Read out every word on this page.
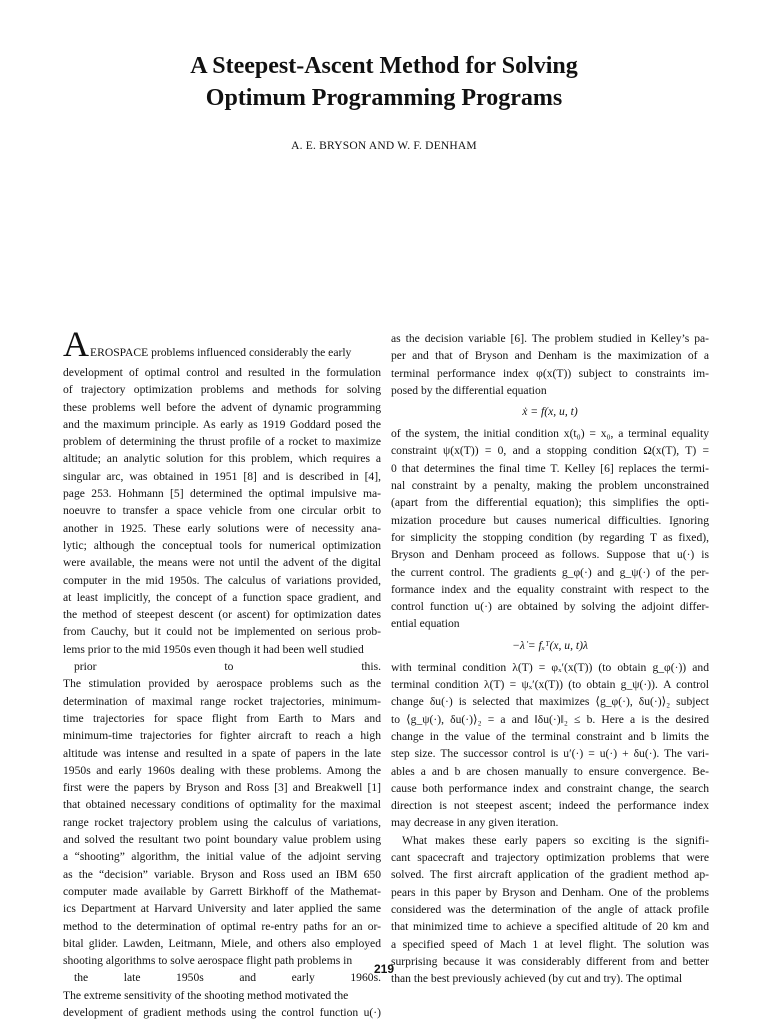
A Steepest-Ascent Method for Solving
Optimum Programming Programs
A. E. BRYSON AND W. F. DENHAM
A EROSPACE problems influenced considerably the early
development of optimal control and resulted in the formulation
of trajectory optimization problems and methods for solving
these problems well before the advent of dynamic programming
and the maximum principle. As early as 1919 Goddard posed the
problem of determining the thrust profile of a rocket to maximize
altitude; an analytic solution for this problem, which requires a
singular arc, was obtained in 1951 [8] and is described in [4],
page 253. Hohmann [5] determined the optimal impulsive ma-
noeuvre to transfer a space vehicle from one circular orbit to
another in 1925. These early solutions were of necessity ana-
lytic; although the conceptual tools for numerical optimization
were available, the means were not until the advent of the digital
computer in the mid 1950s. The calculus of variations provided,
at least implicitly, the concept of a function space gradient, and
the method of steepest descent (or ascent) for optimization dates
from Cauchy, but it could not be implemented on serious prob-
lems prior to the mid 1950s even though it had been well studied
prior to this.
The stimulation provided by aerospace problems such as the
determination of maximal range rocket trajectories, minimum-
time trajectories for space flight from Earth to Mars and
minimum-time trajectories for fighter aircraft to reach a high
altitude was intense and resulted in a spate of papers in the late
1950s and early 1960s dealing with these problems. Among the
first were the papers by Bryson and Ross [3] and Breakwell [1]
that obtained necessary conditions of optimality for the maximal
range rocket trajectory problem using the calculus of variations,
and solved the resultant two point boundary value problem using
a “shooting” algorithm, the initial value of the adjoint serving
as the “decision” variable. Bryson and Ross used an IBM 650
computer made available by Garrett Birkhoff of the Mathemat-
ics Department at Harvard University and later applied the same
method to the determination of optimal re-entry paths for an or-
bital glider. Lawden, Leitmann, Miele, and others also employed
shooting algorithms to solve aerospace flight path problems in
the late 1950s and early 1960s.
The extreme sensitivity of the shooting method motivated the
development of gradient methods using the control function u(·)
as the decision variable [6]. The problem studied in Kelley’s pa-
per and that of Bryson and Denham is the maximization of a
terminal performance index φ(x(T)) subject to constraints im-
posed by the differential equation
ẋ = f(x, u, t)
of the system, the initial condition x(t₀) = x₀, a terminal equality
constraint ψ(x(T)) = 0, and a stopping condition Ω(x(T), T) =
0 that determines the final time T. Kelley [6] replaces the termi-
nal constraint by a penalty, making the problem unconstrained
(apart from the differential equation); this simplifies the opti-
mization procedure but causes numerical difficulties. Ignoring
for simplicity the stopping condition (by regarding T as fixed),
Bryson and Denham proceed as follows. Suppose that u(·) is
the current control. The gradients g_φ(·) and g_ψ(·) of the per-
formance index and the equality constraint with respect to the
control function u(·) are obtained by solving the adjoint differ-
ential equation
−λ̇ = fₓᵀ(x, u, t)λ
with terminal condition λ(T) = φₓ′(x(T)) (to obtain g_φ(·)) and
terminal condition λ(T) = ψₓ′(x(T)) (to obtain g_ψ(·)). A control
change δu(·) is selected that maximizes ⟨g_φ(·), δu(·)⟩₂ subject
to ⟨g_ψ(·), δu(·)⟩₂ = a and ‖δu(·)‖₂ ≤ b. Here a is the desired
change in the value of the terminal constraint and b limits the
step size. The successor control is u′(·) = u(·) + δu(·). The vari-
ables a and b are chosen manually to ensure convergence. Be-
cause both performance index and constraint change, the search
direction is not steepest ascent; indeed the performance index
may decrease in any given iteration.
What makes these early papers so exciting is the signifi-
cant spacecraft and trajectory optimization problems that were
solved. The first aircraft application of the gradient method ap-
pears in this paper by Bryson and Denham. One of the problems
considered was the determination of the angle of attack profile
that minimized time to achieve a specified altitude of 20 km and
a specified speed of Mach 1 at level flight. The solution was
surprising because it was considerably different from and better
than the best previously achieved (by cut and try). The optimal
219
